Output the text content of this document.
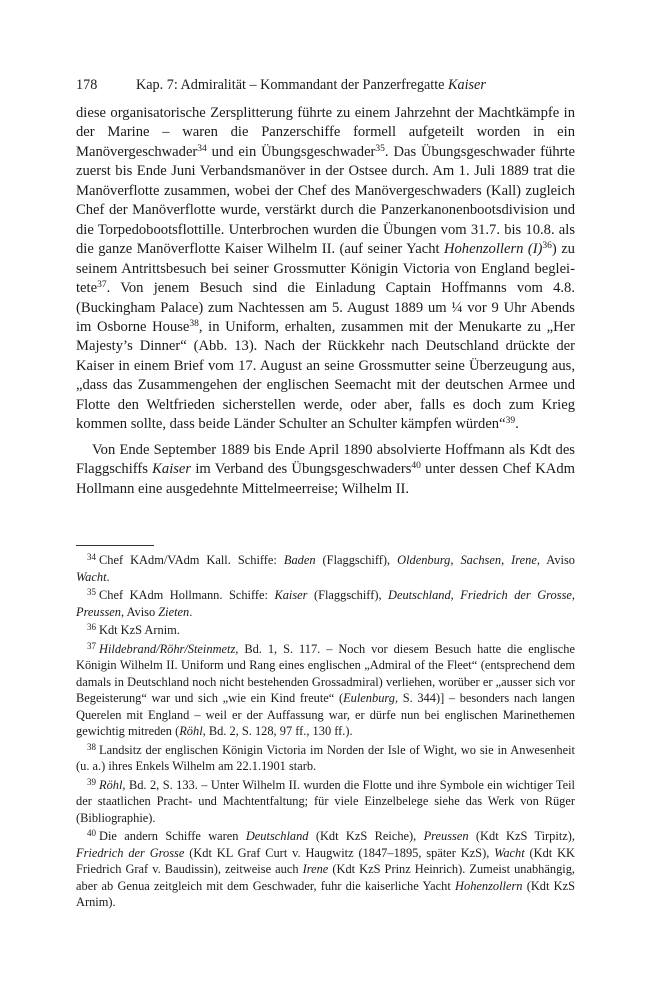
178	Kap. 7: Admiralität – Kommandant der Panzerfregatte Kaiser

diese organisatorische Zersplitterung führte zu einem Jahrzehnt der Machtkämpfe in der Marine – waren die Panzerschiffe formell aufgeteilt worden in ein Manövergeschwader$^{34}$ und ein Übungsgeschwader$^{35}$. Das Übungsgeschwader führte zuerst bis Ende Juni Verbandsmanöver in der Ostsee durch. Am 1. Juli 1889 trat die Manöverflotte zusammen, wobei der Chef des Manövergeschwaders (Kall) zugleich Chef der Manöverflotte wurde, verstärkt durch die Panzerkanonenbootsdivision und die Torpedobootsflottille. Unterbrochen wurden die Übungen vom 31.7. bis 10.8. als die ganze Manöverflotte Kaiser Wilhelm II. (auf seiner Yacht Hohenzollern $(I)^{36}$) zu seinem Antrittsbesuch bei seiner Grossmutter Königin Victoria von England begleitete$^{37}$. Von jenem Besuch sind die Einladung Captain Hoffmanns vom 4.8. (Buckingham Palace) zum Nachtessen am 5. August 1889 um ¼ vor 9 Uhr Abends im Osborne House$^{38}$, in Uniform, erhalten, zusammen mit der Menukarte zu „Her Majesty’s Dinner“ (Abb. 13). Nach der Rückkehr nach Deutschland drückte der Kaiser in einem Brief vom 17. August an seine Grossmutter seine Überzeugung aus, „dass das Zusammengehen der englischen Seemacht mit der deutschen Armee und Flotte den Weltfrieden sicherstellen werde, oder aber, falls es doch zum Krieg kommen sollte, dass beide Länder Schulter an Schulter kämpfen würden“$^{39}$.

Von Ende September 1889 bis Ende April 1890 absolvierte Hoffmann als Kdt des Flaggschiffs Kaiser im Verband des Übungsgeschwaders$^{40}$ unter dessen Chef KAdm Hollmann eine ausgedehnte Mittelmeerreise; Wilhelm II.

$^{34}$ Chef KAdm/VAdm Kall. Schiffe: Baden (Flaggschiff), Oldenburg, Sachsen, Irene, Aviso Wacht.

$^{35}$ Chef KAdm Hollmann. Schiffe: Kaiser (Flaggschiff), Deutschland, Friedrich der Grosse, Preussen, Aviso Zieten.

$^{36}$ Kdt KzS Arnim.

$^{37}$ Hildebrand/Röhr/Steinmetz, Bd. 1, S. 117. – Noch vor diesem Besuch hatte die englische Königin Wilhelm II. Uniform und Rang eines englischen „Admiral of the Fleet“ (entsprechend dem damals in Deutschland noch nicht bestehenden Grossadmiral) verliehen, worüber er „ausser sich vor Begeisterung“ war und sich „wie ein Kind freute“ (Eulenburg, S. 344)] – besonders nach langen Querelen mit England – weil er der Auffassung war, er dürfe nun bei englischen Marinethemen gewichtig mitreden (Röhl, Bd. 2, S. 128, 97 ff., 130 ff.).

$^{38}$ Landsitz der englischen Königin Victoria im Norden der Isle of Wight, wo sie in Anwesenheit (u. a.) ihres Enkels Wilhelm am 22.1.1901 starb.

$^{39}$ Röhl, Bd. 2, S. 133. – Unter Wilhelm II. wurden die Flotte und ihre Symbole ein wichtiger Teil der staatlichen Pracht- und Machtentfaltung; für viele Einzelbelege siehe das Werk von Rüger (Bibliographie).

$^{40}$ Die andern Schiffe waren Deutschland (Kdt KzS Reiche), Preussen (Kdt KzS Tirpitz), Friedrich der Grosse (Kdt KL Graf Curt v. Haugwitz (1847–1895, später KzS), Wacht (Kdt KK Friedrich Graf v. Baudissin), zeitweise auch Irene (Kdt KzS Prinz Heinrich). Zumeist unabhängig, aber ab Genua zeitgleich mit dem Geschwader, fuhr die kaiserliche Yacht Hohenzollern (Kdt KzS Arnim).
